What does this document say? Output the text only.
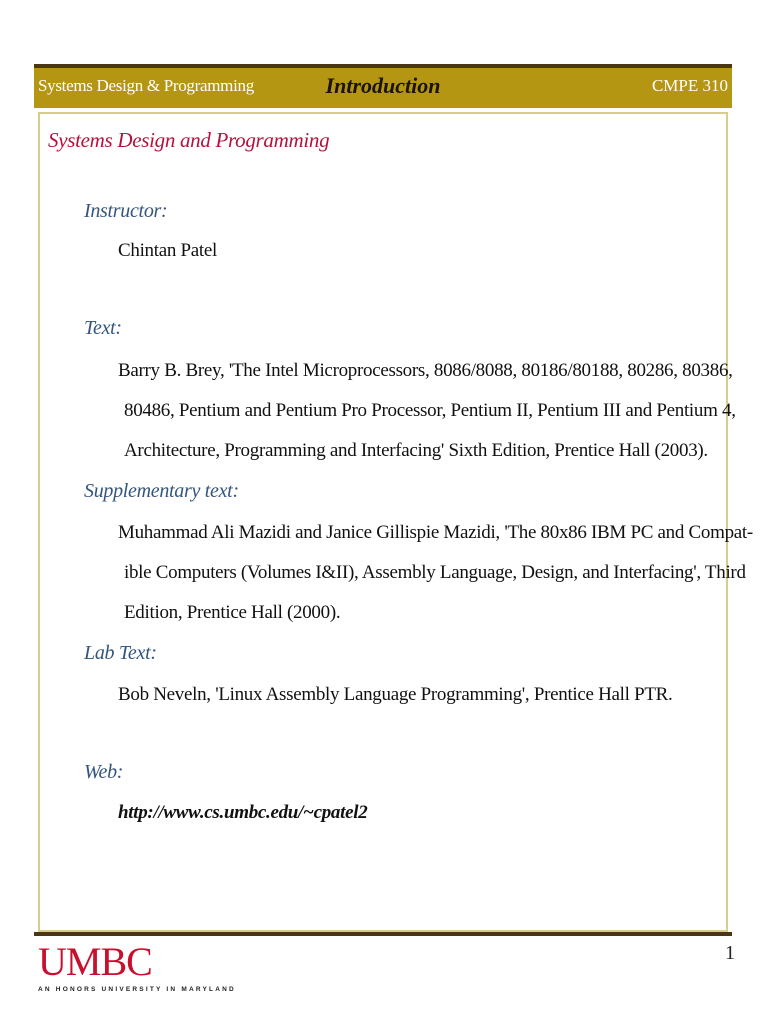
Systems Design & Programming	Introduction	CMPE 310
Systems Design and Programming
Instructor:
Chintan Patel
Text:
Barry B. Brey, 'The Intel Microprocessors, 8086/8088, 80186/80188, 80286, 80386,
80486, Pentium and Pentium Pro Processor, Pentium II, Pentium III and Pentium 4,
Architecture, Programming and Interfacing' Sixth Edition, Prentice Hall (2003).
Supplementary text:
Muhammad Ali Mazidi and Janice Gillispie Mazidi, 'The 80x86 IBM PC and Compat-
ible Computers (Volumes I&II), Assembly Language, Design, and Interfacing', Third
Edition, Prentice Hall (2000).
Lab Text:
Bob Neveln, 'Linux Assembly Language Programming', Prentice Hall PTR.
Web:
http://www.cs.umbc.edu/~cpatel2
UMBC
AN HONORS UNIVERSITY IN MARYLAND
1
